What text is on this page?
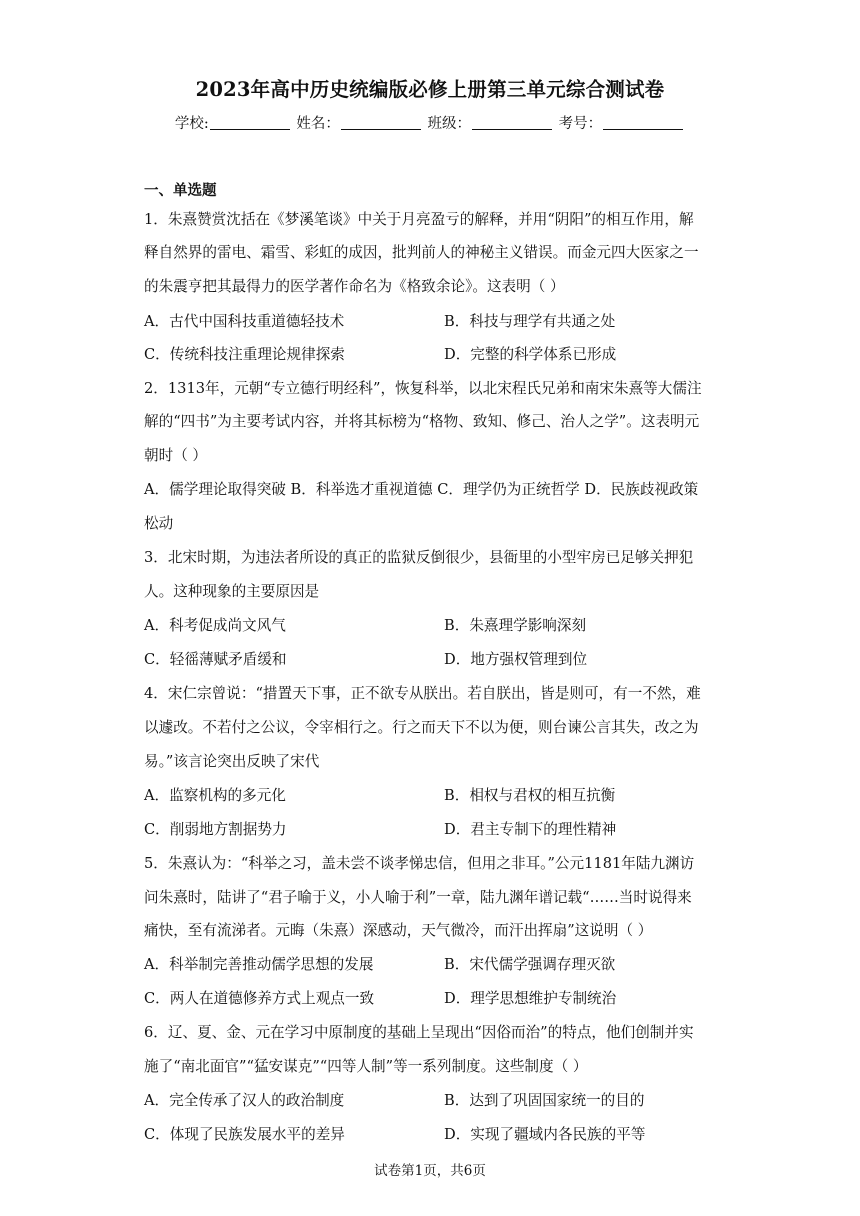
2023年高中历史统编版必修上册第三单元综合测试卷
学校:	姓名：	班级：	考号：
一、单选题
1．朱熹赞赏沈括在《梦溪笔谈》中关于月亮盈亏的解释，并用“阴阳”的相互作用，解
释自然界的雷电、霜雪、彩虹的成因，批判前人的神秘主义错误。而金元四大医家之一
的朱震亨把其最得力的医学著作命名为《格致余论》。这表明（ ）
A．古代中国科技重道德轻技术	B．科技与理学有共通之处
C．传统科技注重理论规律探索	D．完整的科学体系已形成
2．1313年，元朝“专立德行明经科”，恢复科举，以北宋程氏兄弟和南宋朱熹等大儒注
解的“四书”为主要考试内容，并将其标榜为“格物、致知、修己、治人之学”。这表明元
朝时（ ）
A．儒学理论取得突破 B．科举选才重视道德 C．理学仍为正统哲学 D．民族歧视政策
松动
3．北宋时期，为违法者所设的真正的监狱反倒很少，县衙里的小型牢房已足够关押犯
人。这种现象的主要原因是
A．科考促成尚文风气	B．朱熹理学影响深刻
C．轻徭薄赋矛盾缓和	D．地方强权管理到位
4．宋仁宗曾说：“措置天下事，正不欲专从朕出。若自朕出，皆是则可，有一不然，难
以遽改。不若付之公议，令宰相行之。行之而天下不以为便，则台谏公言其失，改之为
易。”该言论突出反映了宋代
A．监察机构的多元化	B．相权与君权的相互抗衡
C．削弱地方割据势力	D．君主专制下的理性精神
5．朱熹认为：“科举之习，盖未尝不谈孝悌忠信，但用之非耳。”公元1181年陆九渊访
问朱熹时，陆讲了“君子喻于义，小人喻于利”一章，陆九渊年谱记载“……当时说得来
痛快，至有流涕者。元晦（朱熹）深感动，天气微冷，而汗出挥扇”这说明（ ）
A．科举制完善推动儒学思想的发展	B．宋代儒学强调存理灭欲
C．两人在道德修养方式上观点一致	D．理学思想维护专制统治
6．辽、夏、金、元在学习中原制度的基础上呈现出“因俗而治”的特点，他们创制并实
施了“南北面官”“猛安谋克”“四等人制”等一系列制度。这些制度（ ）
A．完全传承了汉人的政治制度	B．达到了巩固国家统一的目的
C．体现了民族发展水平的差异	D．实现了疆域内各民族的平等
试卷第1页，共6页
